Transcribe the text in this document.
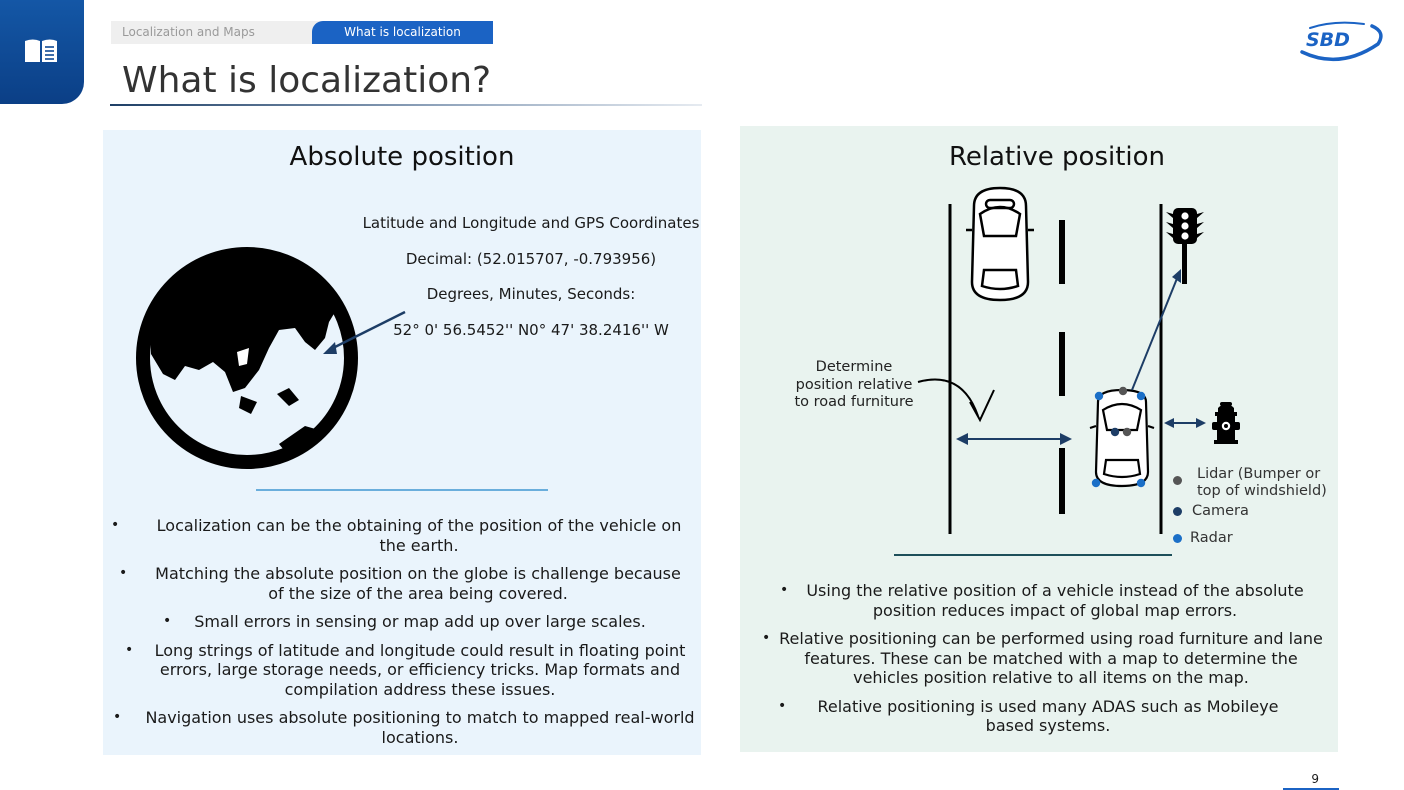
Localization and Maps	What is localization
What is localization?
SBD
Absolute position
Latitude and Longitude and GPS Coordinates
Decimal: (52.015707, -0.793956)
Degrees, Minutes, Seconds:
52° 0' 56.5452'' N0° 47' 38.2416'' W
•	Localization can be the obtaining of the position of the vehicle on the earth.
•	Matching the absolute position on the globe is challenge because of the size of the area being covered.
•	Small errors in sensing or map add up over large scales.
•	Long strings of latitude and longitude could result in floating point errors, large storage needs, or efficiency tricks. Map formats and compilation address these issues.
•	Navigation uses absolute positioning to match to mapped real-world locations.
Relative position
Determine
position relative
to road furniture
Lidar (Bumper or
top of windshield)
Camera
Radar
•	Using the relative position of a vehicle instead of the absolute position reduces impact of global map errors.
• Relative positioning can be performed using road furniture and lane features. These can be matched with a map to determine the vehicles position relative to all items on the map.
•	Relative positioning is used many ADAS such as Mobileye based systems.
9
